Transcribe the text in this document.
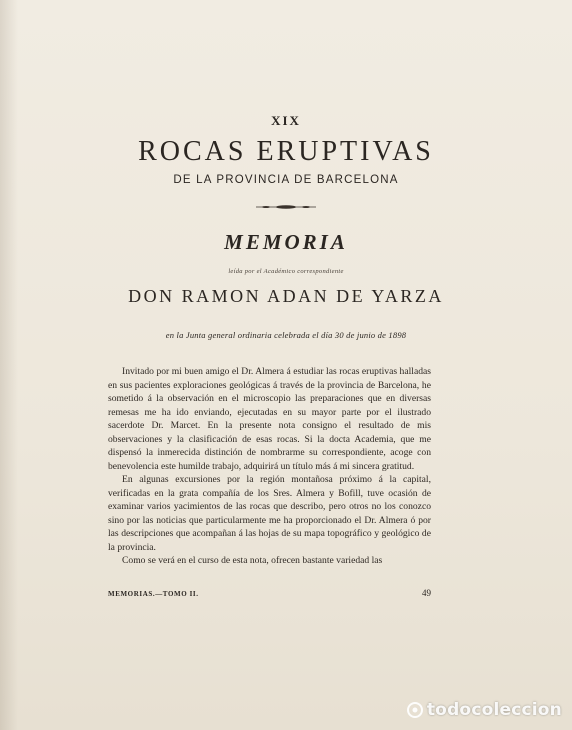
XIX
ROCAS ERUPTIVAS
DE LA PROVINCIA DE BARCELONA
MEMORIA
leída por el Académico correspondiente
DON RAMON ADAN DE YARZA
en la Junta general ordinaria celebrada el día 30 de junio de 1898

Invitado por mi buen amigo el Dr. Almera á estudiar las rocas eruptivas halladas en sus pacientes exploraciones geológicas á través de la provincia de Barcelona, he sometido á la observación en el microscopio las preparaciones que en diversas remesas me ha ido enviando, ejecutadas en su mayor parte por el ilustrado sacerdote Dr. Marcet. En la presente nota consigno el resultado de mis observaciones y la clasificación de esas rocas. Si la docta Academia, que me dispensó la inmerecida distinción de nombrarme su correspondiente, acoge con benevolencia este humilde trabajo, adquirirá un título más á mi sincera gratitud.

En algunas excursiones por la región montañosa próximo á la capital, verificadas en la grata compañía de los Sres. Almera y Bofill, tuve ocasión de examinar varios yacimientos de las rocas que describo, pero otros no los conozco sino por las noticias que particularmente me ha proporcionado el Dr. Almera ó por las descripciones que acompañan á las hojas de su mapa topográfico y geológico de la provincia.

Como se verá en el curso de esta nota, ofrecen bastante variedad las

MEMORIAS.—TOMO II.	49
todocoleccion
